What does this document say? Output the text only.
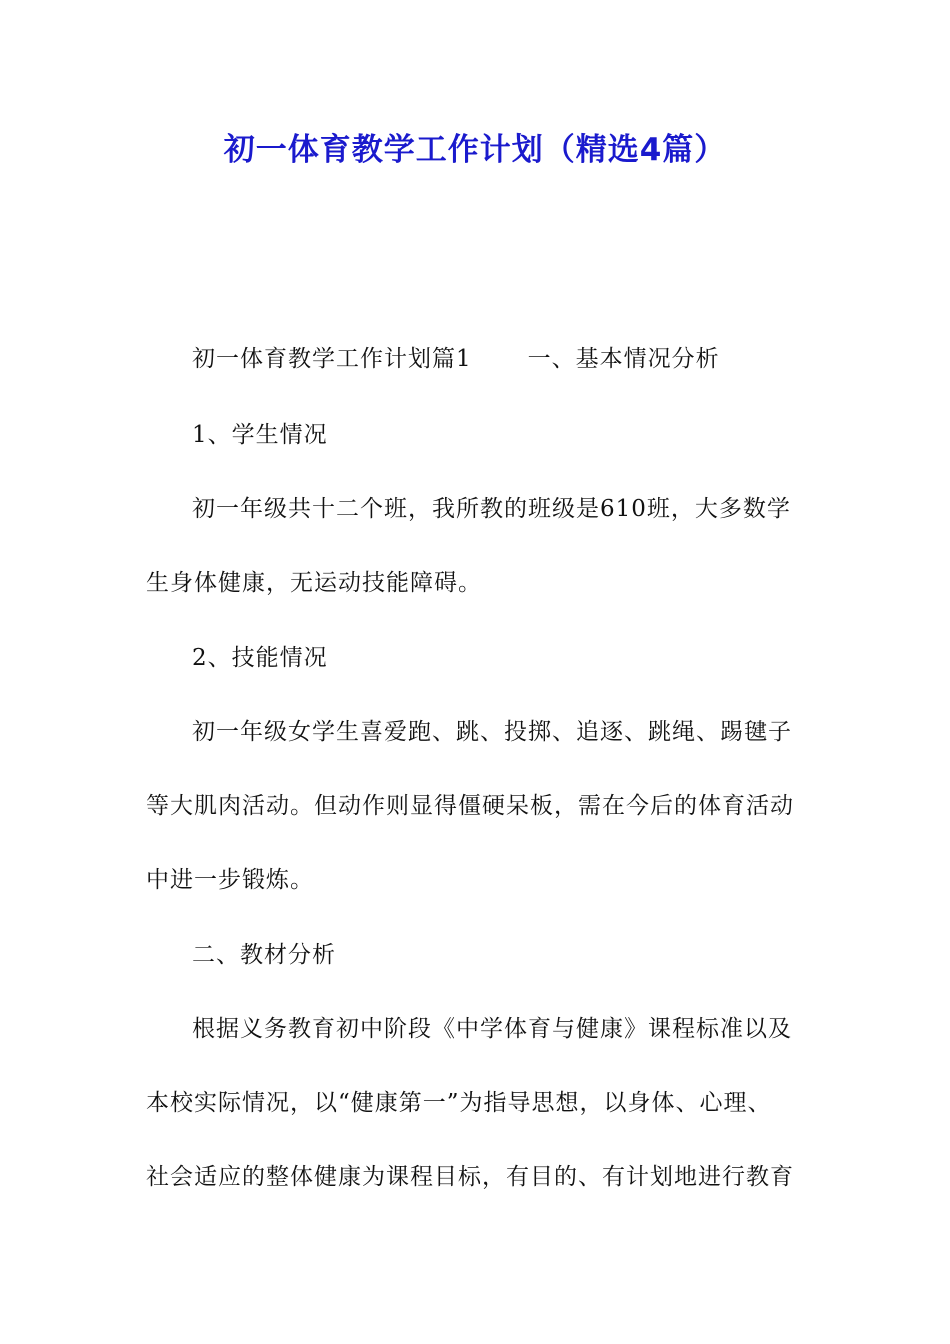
初一体育教学工作计划（精选4篇）
初一体育教学工作计划篇1 一、基本情况分析
1、学生情况
初一年级共十二个班，我所教的班级是610班，大多数学
生身体健康，无运动技能障碍。
2、技能情况
初一年级女学生喜爱跑、跳、投掷、追逐、跳绳、踢毽子
等大肌肉活动。但动作则显得僵硬呆板，需在今后的体育活动
中进一步锻炼。
二、教材分析
根据义务教育初中阶段《中学体育与健康》课程标准以及
本校实际情况，以“健康第一”为指导思想，以身体、心理、
社会适应的整体健康为课程目标，有目的、有计划地进行教育
